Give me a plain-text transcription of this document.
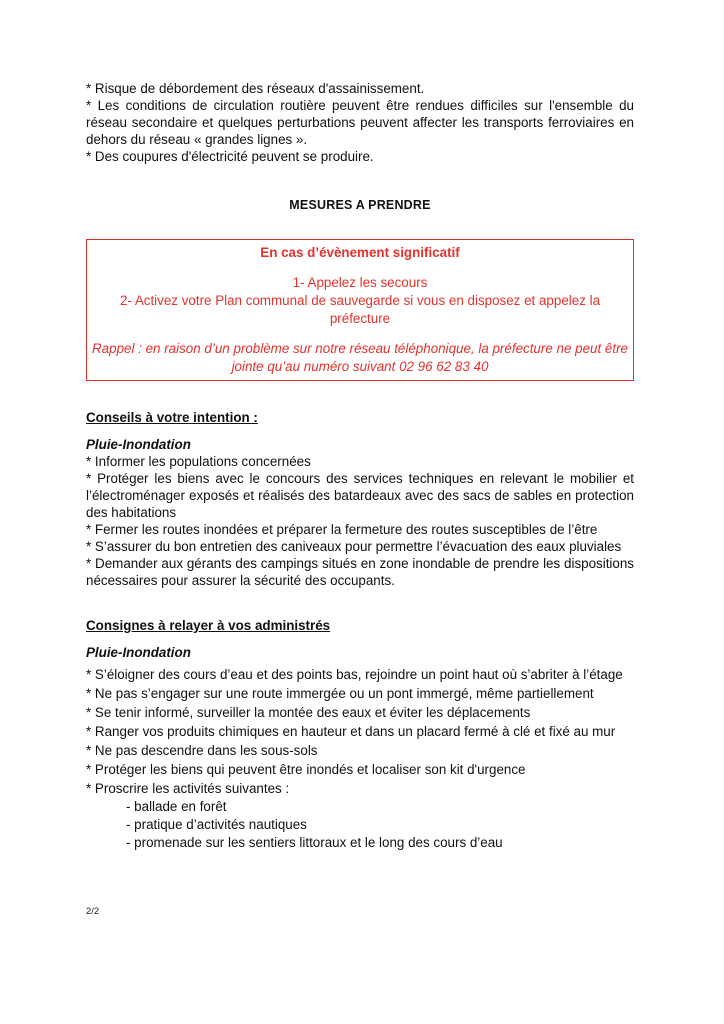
* Risque de débordement des réseaux d'assainissement.

* Les conditions de circulation routière peuvent être rendues difficiles sur l'ensemble du réseau secondaire et quelques perturbations peuvent affecter les transports ferroviaires en dehors du réseau « grandes lignes ».

* Des coupures d'électricité peuvent se produire.

MESURES A PRENDRE

En cas d’évènement significatif

1- Appelez les secours

2- Activez votre Plan communal de sauvegarde si vous en disposez et appelez la préfecture

Rappel : en raison d’un problème sur notre réseau téléphonique, la préfecture ne peut être

jointe qu’au numéro suivant 02 96 62 83 40

Conseils à votre intention :

Pluie-Inondation

* Informer les populations concernées

* Protéger les biens avec le concours des services techniques en relevant le mobilier et l’électroménager exposés et réalisés des batardeaux avec des sacs de sables en protection des habitations

* Fermer les routes inondées et préparer la fermeture des routes susceptibles de l’être

* S’assurer du bon entretien des caniveaux pour permettre l’évacuation des eaux pluviales

* Demander aux gérants des campings situés en zone inondable de prendre les dispositions nécessaires pour assurer la sécurité des occupants.

Consignes à relayer à vos administrés

Pluie-Inondation

* S’éloigner des cours d’eau et des points bas, rejoindre un point haut où s’abriter à l’étage

* Ne pas s’engager sur une route immergée ou un pont immergé, même partiellement

* Se tenir informé, surveiller la montée des eaux et éviter les déplacements

* Ranger vos produits chimiques en hauteur et dans un placard fermé à clé et fixé au mur

* Ne pas descendre dans les sous-sols

* Protéger les biens qui peuvent être inondés et localiser son kit d'urgence

* Proscrire les activités suivantes :

- ballade en forêt

- pratique d’activités nautiques

- promenade sur les sentiers littoraux et le long des cours d’eau

2/2
